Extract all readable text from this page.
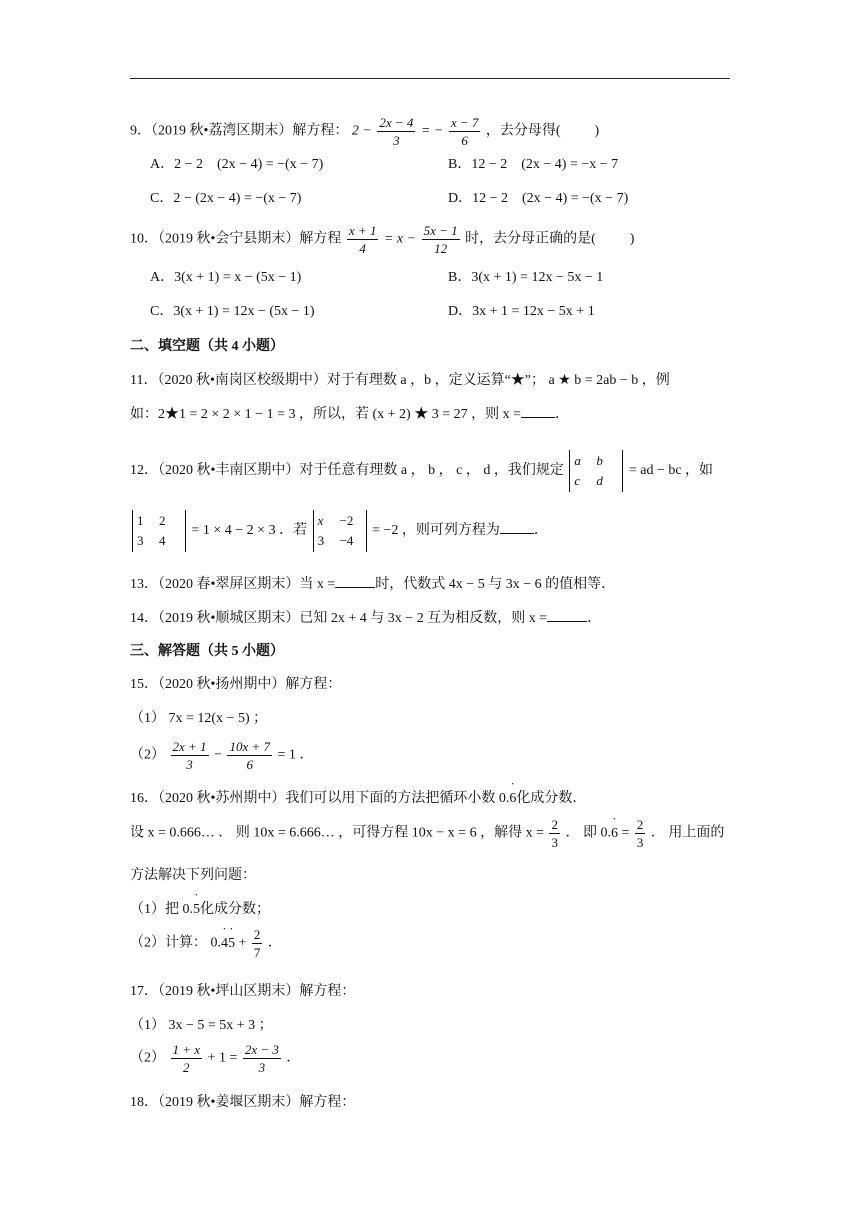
9．（2019 秋•荔湾区期末）解方程： $2 - \frac{2x - 4}{3}$ = − $\frac{x - 7}{6}$ ，去分母得( )
A．2 − 2　(2x − 4) = −(x − 7)	B．12 − 2　(2x − 4) = −x − 7
C．2 − (2x − 4) = −(x − 7)	D．12 − 2　(2x − 4) = −(x − 7)
10．（2019 秋•会宁县期末）解方程 $\frac{x + 1}{4} = x - \frac{5x - 1}{12}$ 时，去分母正确的是( )
A．3(x + 1) = x − (5x − 1)	B．3(x + 1) = 12x − 5x − 1
C．3(x + 1) = 12x − (5x − 1)	D．3x + 1 = 12x − 5x + 1
二、填空题（共 4 小题）
11．（2020 秋•南岗区校级期中）对于有理数 a ，b ，定义运算“★”； a ★ b = 2ab − b ，例
如：2★1 = 2 × 2 × 1 − 1 = 3 ，所以，若 (x + 2) ★ 3 = 27 ，则 x = ．
12．（2020 秋•丰南区期中）对于任意有理数 a ， b ， c ， d ，我们规定 a b
c d = ad − bc ，如
1 2
3 4 = 1 × 4 − 2 × 3 ．若 x −2
3 −4 = −2 ，则可列方程为 ．
13．（2020 春•翠屏区期末）当 x =	时，代数式 4x − 5 与 3x − 6 的值相等．
14．（2019 秋•顺城区期末）已知 2x + 4 与 3x − 2 互为相反数，则 x =	．
三、解答题（共 5 小题）
15．（2020 秋•扬州期中）解方程：
（1） 7x = 12(x − 5) ；
$(2) \frac{2x + 1}{3} - \frac{10x + 7}{6} = 1$ ．
16．（2020 秋•苏州期中）我们可以用下面的方法把循环小数 0.6 ˙化成分数．
设 x = 0.666… ． 则 10x = 6.666… ，可得方程 10x − x = 6 ，解得 $x = \frac{2}{3}$ ． 即 0.6 ˙ = $\frac{2}{3}$ ． 用上面的
方法解决下列问题：
（1）把 0.5 ˙化成分数；
（2）计算： 0.4 ˙5 ˙ + $\frac{2}{7}$ ．
17．（2019 秋•坪山区期末）解方程：
（1） 3x − 5 = 5x + 3 ；
$(2) \frac{1 + x}{2} + 1 = \frac{2x - 3}{3}$ ．
18．（2019 秋•姜堰区期末）解方程：
